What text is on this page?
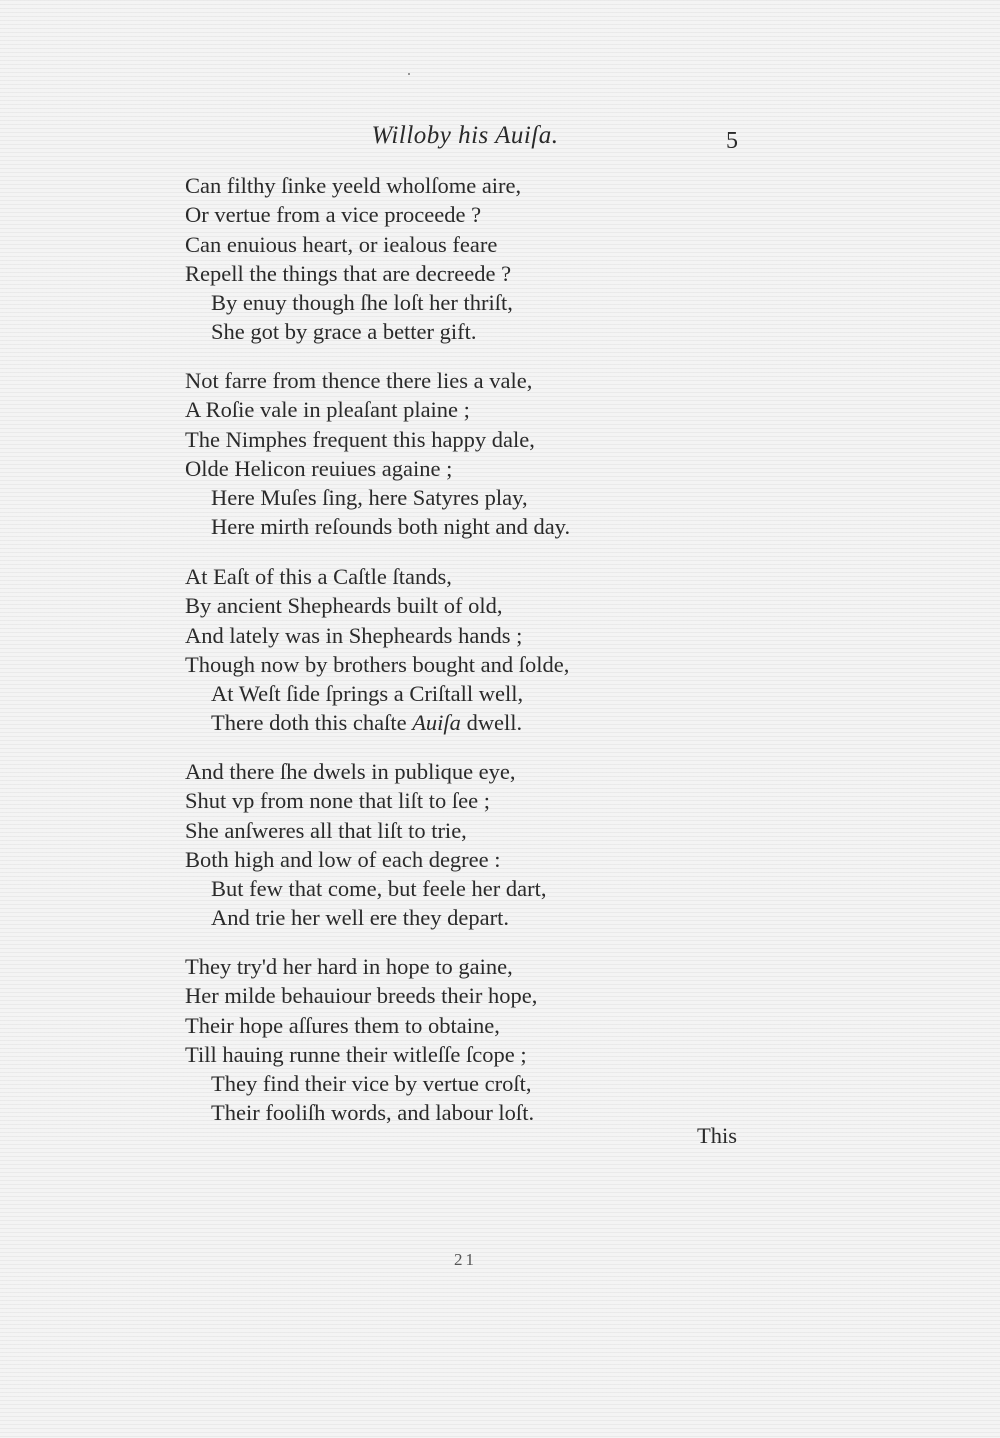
Willoby his Auiſa.	5
Can filthy ſinke yeeld wholſome aire,
Or vertue from a vice proceede ?
Can enuious heart, or iealous feare
Repell the things that are decreede ?
By enuy though ſhe loſt her thriſt,
She got by grace a better gift.
Not farre from thence there lies a vale,
A Roſie vale in pleaſant plaine ;
The Nimphes frequent this happy dale,
Olde Helicon reuiues againe ;
Here Muſes ſing, here Satyres play,
Here mirth reſounds both night and day.
At Eaſt of this a Caſtle ſtands,
By ancient Shepheards built of old,
And lately was in Shepheards hands ;
Though now by brothers bought and ſolde,
At Weſt ſide ſprings a Criſtall well,
There doth this chaſte Auiſa dwell.
And there ſhe dwels in publique eye,
Shut vp from none that liſt to ſee ;
She anſweres all that liſt to trie,
Both high and low of each degree :
But few that come, but feele her dart,
And trie her well ere they depart.
They try'd her hard in hope to gaine,
Her milde behauiour breeds their hope,
Their hope aſſures them to obtaine,
Till hauing runne their witleſſe ſcope ;
They find their vice by vertue croſt,
Their fooliſh words, and labour loſt.
This
21
